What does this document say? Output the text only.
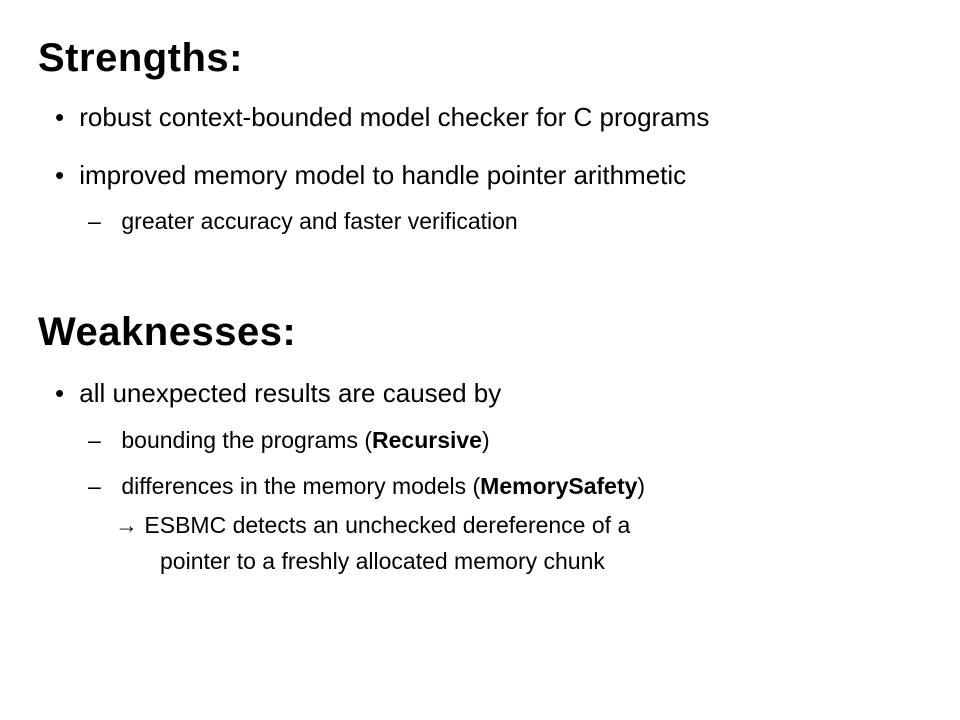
Strengths:
• robust context-bounded model checker for C programs
• improved memory model to handle pointer arithmetic
– greater accuracy and faster verification
Weaknesses:
• all unexpected results are caused by
– bounding the programs (Recursive)
– differences in the memory models (MemorySafety)
→ ESBMC detects an unchecked dereference of a
pointer to a freshly allocated memory chunk
